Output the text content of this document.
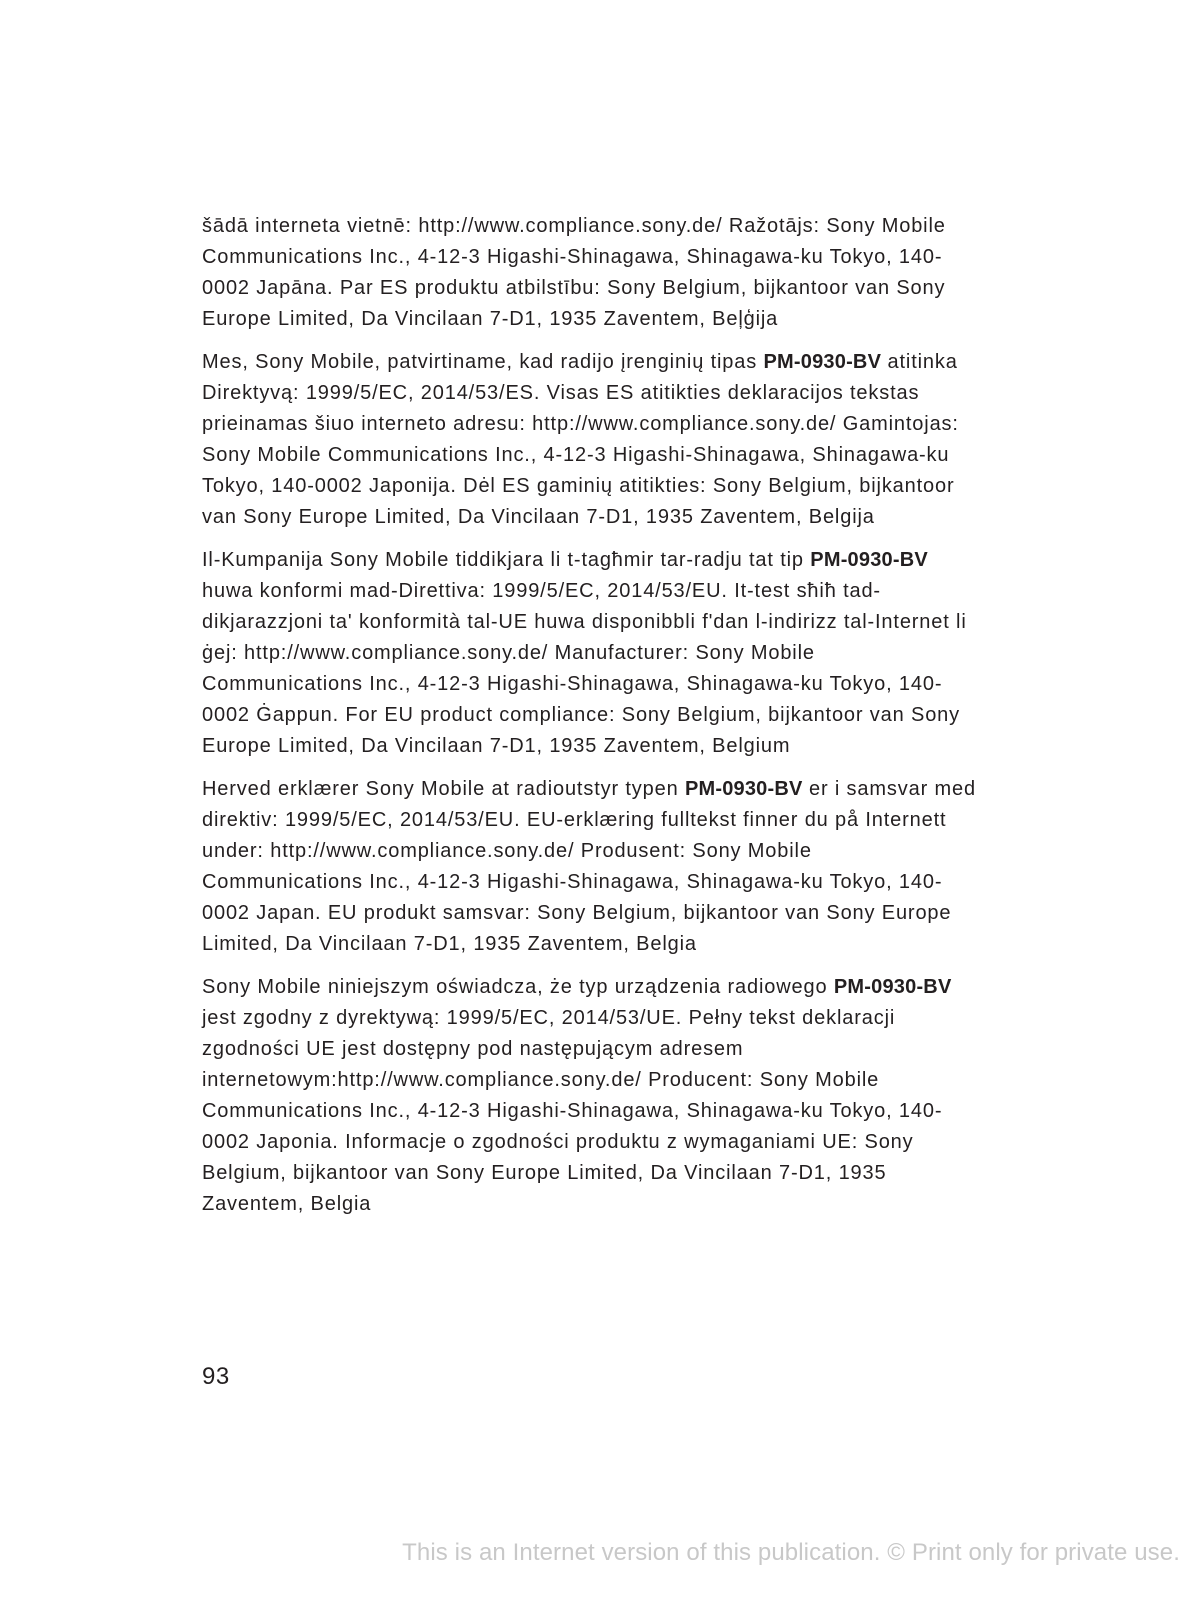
šādā interneta vietnē: http://www.compliance.sony.de/ Ražotājs: Sony Mobile Communications Inc., 4-12-3 Higashi-Shinagawa, Shinagawa-ku Tokyo, 140-0002 Japāna. Par ES produktu atbilstību: Sony Belgium, bijkantoor van Sony Europe Limited, Da Vincilaan 7-D1, 1935 Zaventem, Beļģija

Mes, Sony Mobile, patvirtiname, kad radijo įrenginių tipas PM-0930-BV atitinka Direktyvą: 1999/5/EC, 2014/53/ES. Visas ES atitikties deklaracijos tekstas prieinamas šiuo interneto adresu: http://www.compliance.sony.de/ Gamintojas: Sony Mobile Communications Inc., 4-12-3 Higashi-Shinagawa, Shinagawa-ku Tokyo, 140-0002 Japonija. Dėl ES gaminių atitikties: Sony Belgium, bijkantoor van Sony Europe Limited, Da Vincilaan 7-D1, 1935 Zaventem, Belgija

Il-Kumpanija Sony Mobile tiddikjara li t-tagħmir tar-radju tat tip PM-0930-BV huwa konformi mad-Direttiva: 1999/5/EC, 2014/53/EU. It-test sħiħ tad-dikjarazzjoni ta' konformità tal-UE huwa disponibbli f'dan l-indirizz tal-Internet li ġej: http://www.compliance.sony.de/ Manufacturer: Sony Mobile Communications Inc., 4-12-3 Higashi-Shinagawa, Shinagawa-ku Tokyo, 140-0002 Ġappun. For EU product compliance: Sony Belgium, bijkantoor van Sony Europe Limited, Da Vincilaan 7-D1, 1935 Zaventem, Belgium

Herved erklærer Sony Mobile at radioutstyr typen PM-0930-BV er i samsvar med direktiv: 1999/5/EC, 2014/53/EU. EU-erklæring fulltekst finner du på Internett under: http://www.compliance.sony.de/ Produsent: Sony Mobile Communications Inc., 4-12-3 Higashi-Shinagawa, Shinagawa-ku Tokyo, 140-0002 Japan. EU produkt samsvar: Sony Belgium, bijkantoor van Sony Europe Limited, Da Vincilaan 7-D1, 1935 Zaventem, Belgia

Sony Mobile niniejszym oświadcza, że typ urządzenia radiowego PM-0930-BV jest zgodny z dyrektywą: 1999/5/EC, 2014/53/UE. Pełny tekst deklaracji zgodności UE jest dostępny pod następującym adresem internetowym:http://www.compliance.sony.de/ Producent: Sony Mobile Communications Inc., 4-12-3 Higashi-Shinagawa, Shinagawa-ku Tokyo, 140-0002 Japonia. Informacje o zgodności produktu z wymaganiami UE: Sony Belgium, bijkantoor van Sony Europe Limited, Da Vincilaan 7-D1, 1935 Zaventem, Belgia

93
This is an Internet version of this publication. © Print only for private use.
